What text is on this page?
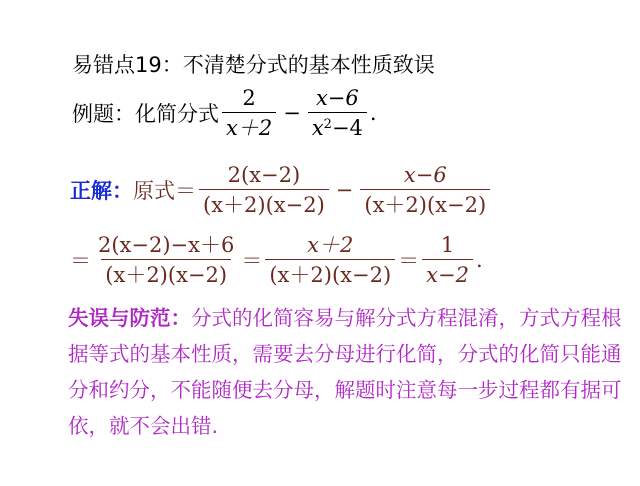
易错点19：不清楚分式的基本性质致误
例题： 化简分式 $\frac{2}{x+2} - \frac{x-6}{x^2-4}$ .
正解： 原式＝ $\frac{2(x-2)}{(x+2)(x-2)} - \frac{x-6}{(x+2)(x-2)}$
＝ $\frac{2(x-2)-x+6}{(x+2)(x-2)} = \frac{x+2}{(x+2)(x-2)} = \frac{1}{x-2}$ .
失误与防范：分式的化简容易与解分式方程混淆，方式方程根据等式的基本性质，需要去分母进行化简，分式的化简只能通分和约分，不能随便去分母，解题时注意每一步过程都有据可依，就不会出错.
